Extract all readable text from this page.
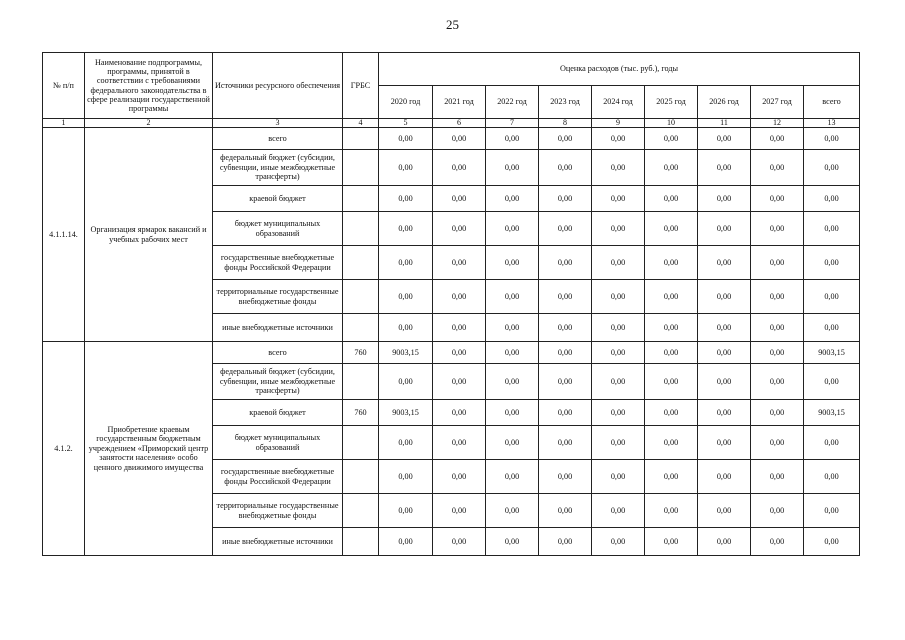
25
№ п/п	Наименование подпрограммы, программы, принятой в соответствии с требованиями федерального законодательства в сфере реализации государственной программы	Источники ресурсного обеспечения	ГРБС	Оценка расходов (тыс. руб.), годы								
				2020 год	2021 год	2022 год	2023 год	2024 год	2025 год	2026 год	2027 год	всего
1	2	3	4	5	6	7	8	9	10	11	12	13
4.1.1.14.	Организация ярмарок вакансий и учебных рабочих мест	всего		0,00	0,00	0,00	0,00	0,00	0,00	0,00	0,00	0,00
		федеральный бюджет (субсидии, субвенции, иные межбюджетные трансферты)		0,00	0,00	0,00	0,00	0,00	0,00	0,00	0,00	0,00
		краевой бюджет		0,00	0,00	0,00	0,00	0,00	0,00	0,00	0,00	0,00
		бюджет муниципальных образований		0,00	0,00	0,00	0,00	0,00	0,00	0,00	0,00	0,00
		государственные внебюджетные фонды Российской Федерации		0,00	0,00	0,00	0,00	0,00	0,00	0,00	0,00	0,00
		территориальные государственные внебюджетные фонды		0,00	0,00	0,00	0,00	0,00	0,00	0,00	0,00	0,00
		иные внебюджетные источники		0,00	0,00	0,00	0,00	0,00	0,00	0,00	0,00	0,00
4.1.2.	Приобретение краевым государственным бюджетным учреждением «Приморский центр занятости населения» особо ценного движимого имущества	всего	760	9003,15	0,00	0,00	0,00	0,00	0,00	0,00	0,00	9003,15
		федеральный бюджет (субсидии, субвенции, иные межбюджетные трансферты)		0,00	0,00	0,00	0,00	0,00	0,00	0,00	0,00	0,00
		краевой бюджет	760	9003,15	0,00	0,00	0,00	0,00	0,00	0,00	0,00	9003,15
		бюджет муниципальных образований		0,00	0,00	0,00	0,00	0,00	0,00	0,00	0,00	0,00
		государственные внебюджетные фонды Российской Федерации		0,00	0,00	0,00	0,00	0,00	0,00	0,00	0,00	0,00
		территориальные государственные внебюджетные фонды		0,00	0,00	0,00	0,00	0,00	0,00	0,00	0,00	0,00
		иные внебюджетные источники		0,00	0,00	0,00	0,00	0,00	0,00	0,00	0,00	0,00
